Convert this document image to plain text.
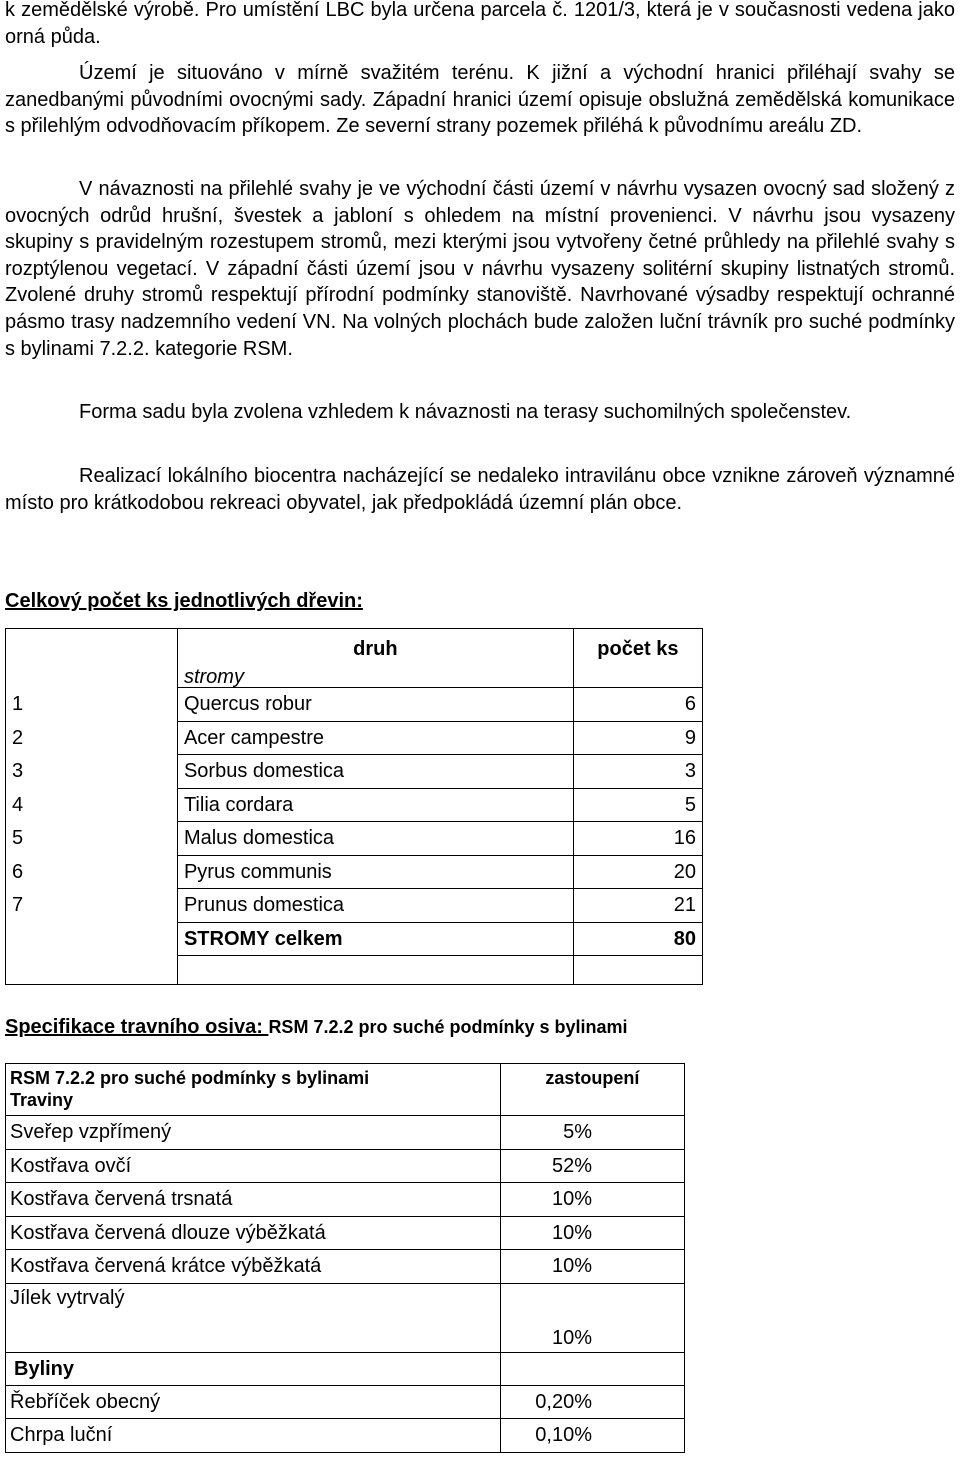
k zemědělské výrobě. Pro umístění LBC byla určena parcela č. 1201/3, která je v současnosti vedena jako orná půda.

Území je situováno v mírně svažitém terénu. K jižní a východní hranici přiléhají svahy se zanedbanými původními ovocnými sady. Západní hranici území opisuje obslužná zemědělská komunikace s přilehlým odvodňovacím příkopem. Ze severní strany pozemek přiléhá k původnímu areálu ZD.

V návaznosti na přilehlé svahy je ve východní části území v návrhu vysazen ovocný sad složený z ovocných odrůd hrušní, švestek a jabloní s ohledem na místní provenienci. V návrhu jsou vysazeny skupiny s pravidelným rozestupem stromů, mezi kterými jsou vytvořeny četné průhledy na přilehlé svahy s rozptýlenou vegetací. V západní části území jsou v návrhu vysazeny solitérní skupiny listnatých stromů. Zvolené druhy stromů respektují přírodní podmínky stanoviště. Navrhované výsadby respektují ochranné pásmo trasy nadzemního vedení VN. Na volných plochách bude založen luční trávník pro suché podmínky s bylinami 7.2.2. kategorie RSM.

Forma sadu byla zvolena vzhledem k návaznosti na terasy suchomilných společenstev.

Realizací lokálního biocentra nacházející se nedaleko intravilánu obce vznikne zároveň významné místo pro krátkodobou rekreaci obyvatel, jak předpokládá územní plán obce.

Celkový počet ks jednotlivých dřevin:
	druh	počet ks
	stromy	
1	Quercus robur	6
2	Acer campestre	9
3	Sorbus domestica	3
4	Tilia cordara	5
5	Malus domestica	16
6	Pyrus communis	20
7	Prunus domestica	21
	STROMY celkem	80

Specifikace travního osiva: RSM 7.2.2 pro suché podmínky s bylinami
RSM 7.2.2 pro suché podmínky s bylinami
Traviny	zastoupení
Sveřep vzpřímený	5%
Kostřava ovčí	52%
Kostřava červená trsnatá	10%
Kostřava červená dlouze výběžkatá	10%
Kostřava červená krátce výběžkatá	10%
Jílek vytrvalý	10%
Byliny	
Řebříček obecný	0,20%
Chrpa luční	0,10%
